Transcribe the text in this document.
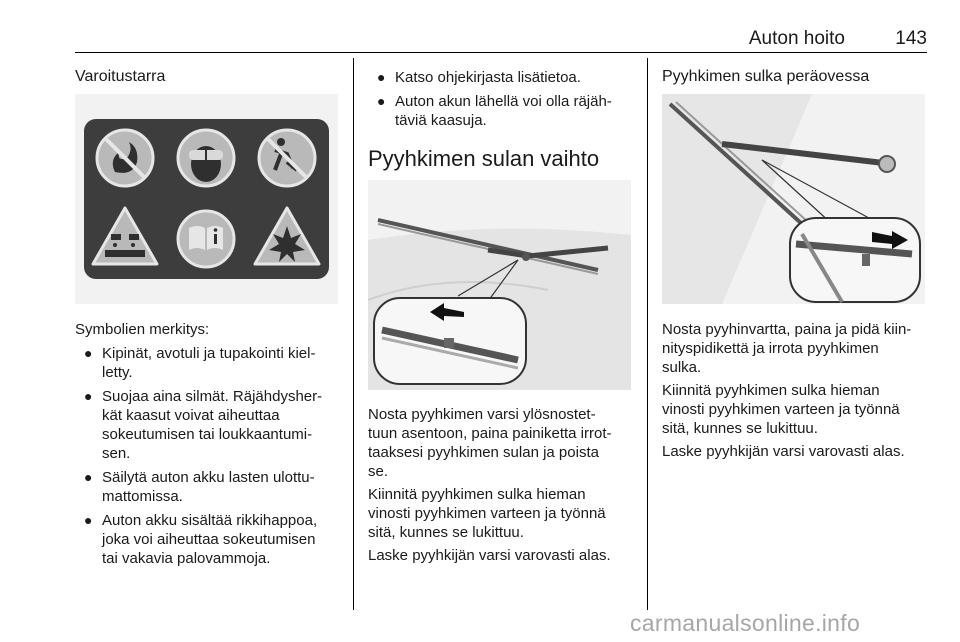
Auton hoito	143
Varoitustarra
Symbolien merkitys:
● Kipinät, avotuli ja tupakointi kiel-
letty.
● Suojaa aina silmät. Räjähdysher-
kät kaasut voivat aiheuttaa
sokeutumisen tai loukkaantumi-
sen.
● Säilytä auton akku lasten ulottu-
mattomissa.
● Auton akku sisältää rikkihappoa,
joka voi aiheuttaa sokeutumisen
tai vakavia palovammoja.
● Katso ohjekirjasta lisätietoa.
● Auton akun lähellä voi olla räjäh-
täviä kaasuja.
Pyyhkimen sulan vaihto

Nosta pyyhkimen varsi ylösnostet-
tuun asentoon, paina painiketta irrot-
taaksesi pyyhkimen sulan ja poista
se.

Kiinnitä pyyhkimen sulka hieman
vinosti pyyhkimen varteen ja työnnä
sitä, kunnes se lukittuu.

Laske pyyhkijän varsi varovasti alas.

Pyyhkimen sulka peräovessa

Nosta pyyhinvartta, paina ja pidä kiin-
nityspidikettä ja irrota pyyhkimen
sulka.

Kiinnitä pyyhkimen sulka hieman
vinosti pyyhkimen varteen ja työnnä
sitä, kunnes se lukittuu.

Laske pyyhkijän varsi varovasti alas.

carmanualsonline.info
